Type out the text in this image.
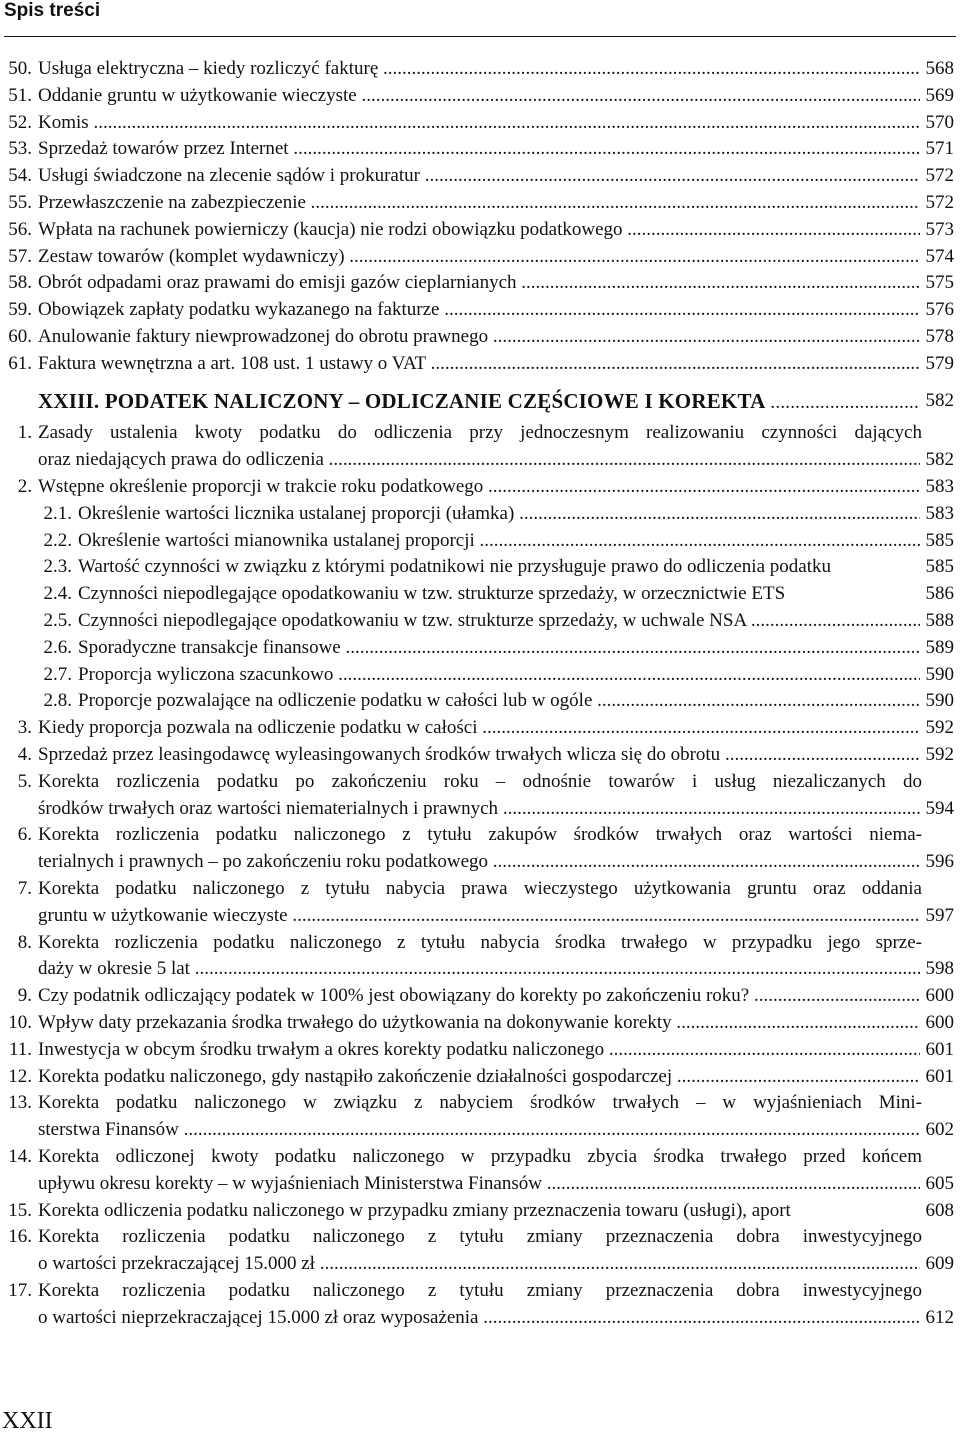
Spis treści
50. Usługa elektryczna – kiedy rozliczyć fakturę .....	568
51. Oddanie gruntu w użytkowanie wieczyste .....	569
52. Komis .....	570
53. Sprzedaż towarów przez Internet .....	571
54. Usługi świadczone na zlecenie sądów i prokuratur .....	572
55. Przewłaszczenie na zabezpieczenie .....	572
56. Wpłata na rachunek powierniczy (kaucja) nie rodzi obowiązku podatkowego .....	573
57. Zestaw towarów (komplet wydawniczy) .....	574
58. Obrót odpadami oraz prawami do emisji gazów cieplarnianych .....	575
59. Obowiązek zapłaty podatku wykazanego na fakturze .....	576
60. Anulowanie faktury niewprowadzonej do obrotu prawnego .....	578
61. Faktura wewnętrzna a art. 108 ust. 1 ustawy o VAT .....	579
XXIII. PODATEK NALICZONY – ODLICZANIE CZĘŚCIOWE I KOREKTA .....	582
1. Zasady ustalenia kwoty podatku do odliczenia przy jednoczesnym realizowaniu czynności dających
oraz niedających prawa do odliczenia .....	582
2. Wstępne określenie proporcji w trakcie roku podatkowego .....	583
2.1. Określenie wartości licznika ustalanej proporcji (ułamka) .....	583
2.2. Określenie wartości mianownika ustalanej proporcji .....	585
2.3. Wartość czynności w związku z którymi podatnikowi nie przysługuje prawo do odliczenia podatku	585
2.4. Czynności niepodlegające opodatkowaniu w tzw. strukturze sprzedaży, w orzecznictwie ETS	586
2.5. Czynności niepodlegające opodatkowaniu w tzw. strukturze sprzedaży, w uchwale NSA .....	588
2.6. Sporadyczne transakcje finansowe .....	589
2.7. Proporcja wyliczona szacunkowo .....	590
2.8. Proporcje pozwalające na odliczenie podatku w całości lub w ogóle .....	590
3. Kiedy proporcja pozwala na odliczenie podatku w całości .....	592
4. Sprzedaż przez leasingodawcę wyleasingowanych środków trwałych wlicza się do obrotu .....	592
5. Korekta rozliczenia podatku po zakończeniu roku – odnośnie towarów i usług niezaliczanych do
środków trwałych oraz wartości niematerialnych i prawnych .....	594
6. Korekta rozliczenia podatku naliczonego z tytułu zakupów środków trwałych oraz wartości niema-
terialnych i prawnych – po zakończeniu roku podatkowego .....	596
7. Korekta podatku naliczonego z tytułu nabycia prawa wieczystego użytkowania gruntu oraz oddania
gruntu w użytkowanie wieczyste .....	597
8. Korekta rozliczenia podatku naliczonego z tytułu nabycia środka trwałego w przypadku jego sprze-
daży w okresie 5 lat .....	598
9. Czy podatnik odliczający podatek w 100% jest obowiązany do korekty po zakończeniu roku? .....	600
10. Wpływ daty przekazania środka trwałego do użytkowania na dokonywanie korekty .....	600
11. Inwestycja w obcym środku trwałym a okres korekty podatku naliczonego .....	601
12. Korekta podatku naliczonego, gdy nastąpiło zakończenie działalności gospodarczej .....	601
13. Korekta podatku naliczonego w związku z nabyciem środków trwałych – w wyjaśnieniach Mini-
sterstwa Finansów .....	602
14. Korekta odliczonej kwoty podatku naliczonego w przypadku zbycia środka trwałego przed końcem
upływu okresu korekty – w wyjaśnieniach Ministerstwa Finansów .....	605
15. Korekta odliczenia podatku naliczonego w przypadku zmiany przeznaczenia towaru (usługi), aport	608
16. Korekta rozliczenia podatku naliczonego z tytułu zmiany przeznaczenia dobra inwestycyjnego
o wartości przekraczającej 15.000 zł .....	609
17. Korekta rozliczenia podatku naliczonego z tytułu zmiany przeznaczenia dobra inwestycyjnego
o wartości nieprzekraczającej 15.000 zł oraz wyposażenia .....	612
XXII
